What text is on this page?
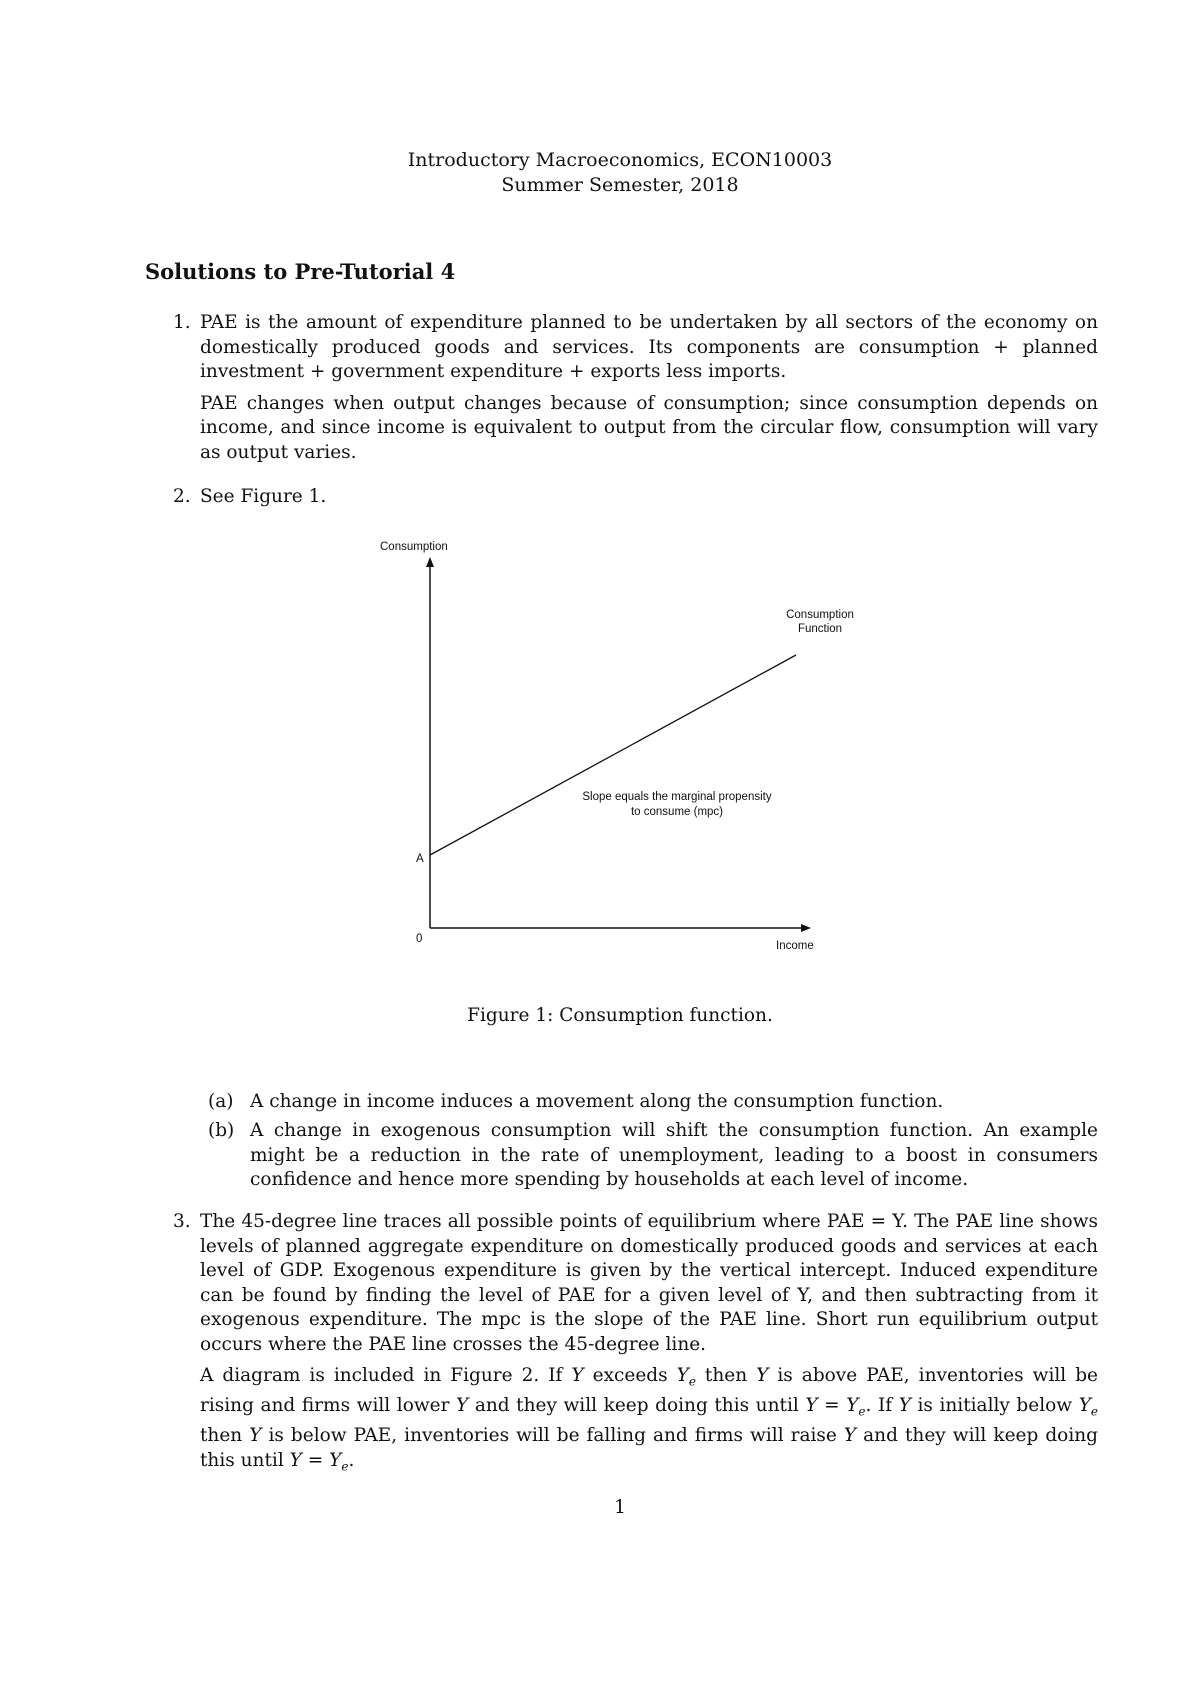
Introductory Macroeconomics, ECON10003
Summer Semester, 2018
Solutions to Pre-Tutorial 4
1. PAE is the amount of expenditure planned to be undertaken by all sectors of the economy on domestically produced goods and services. Its components are consumption + planned investment + government expenditure + exports less imports.

PAE changes when output changes because of consumption; since consumption depends on income, and since income is equivalent to output from the circular flow, consumption will vary as output varies.

2. See Figure 1.

Consumption
Income
0
A
Consumption
Function
Slope equals the marginal propensity
to consume (mpc)
Figure 1: Consumption function.
(a) A change in income induces a movement along the consumption function.

(b) A change in exogenous consumption will shift the consumption function. An example might be a reduction in the rate of unemployment, leading to a boost in consumers confidence and hence more spending by households at each level of income.

3. The 45-degree line traces all possible points of equilibrium where PAE = Y. The PAE line shows levels of planned aggregate expenditure on domestically produced goods and services at each level of GDP. Exogenous expenditure is given by the vertical intercept. Induced expenditure can be found by finding the level of PAE for a given level of Y, and then subtracting from it exogenous expenditure. The mpc is the slope of the PAE line. Short run equilibrium output occurs where the PAE line crosses the 45-degree line.

A diagram is included in Figure 2. If Y exceeds $Y_e$ then Y is above PAE, inventories will be rising and firms will lower Y and they will keep doing this until $Y = Y_e$. If Y is initially below $Y_e$ then Y is below PAE, inventories will be falling and firms will raise Y and they will keep doing this until $Y = Y_e$.

1
